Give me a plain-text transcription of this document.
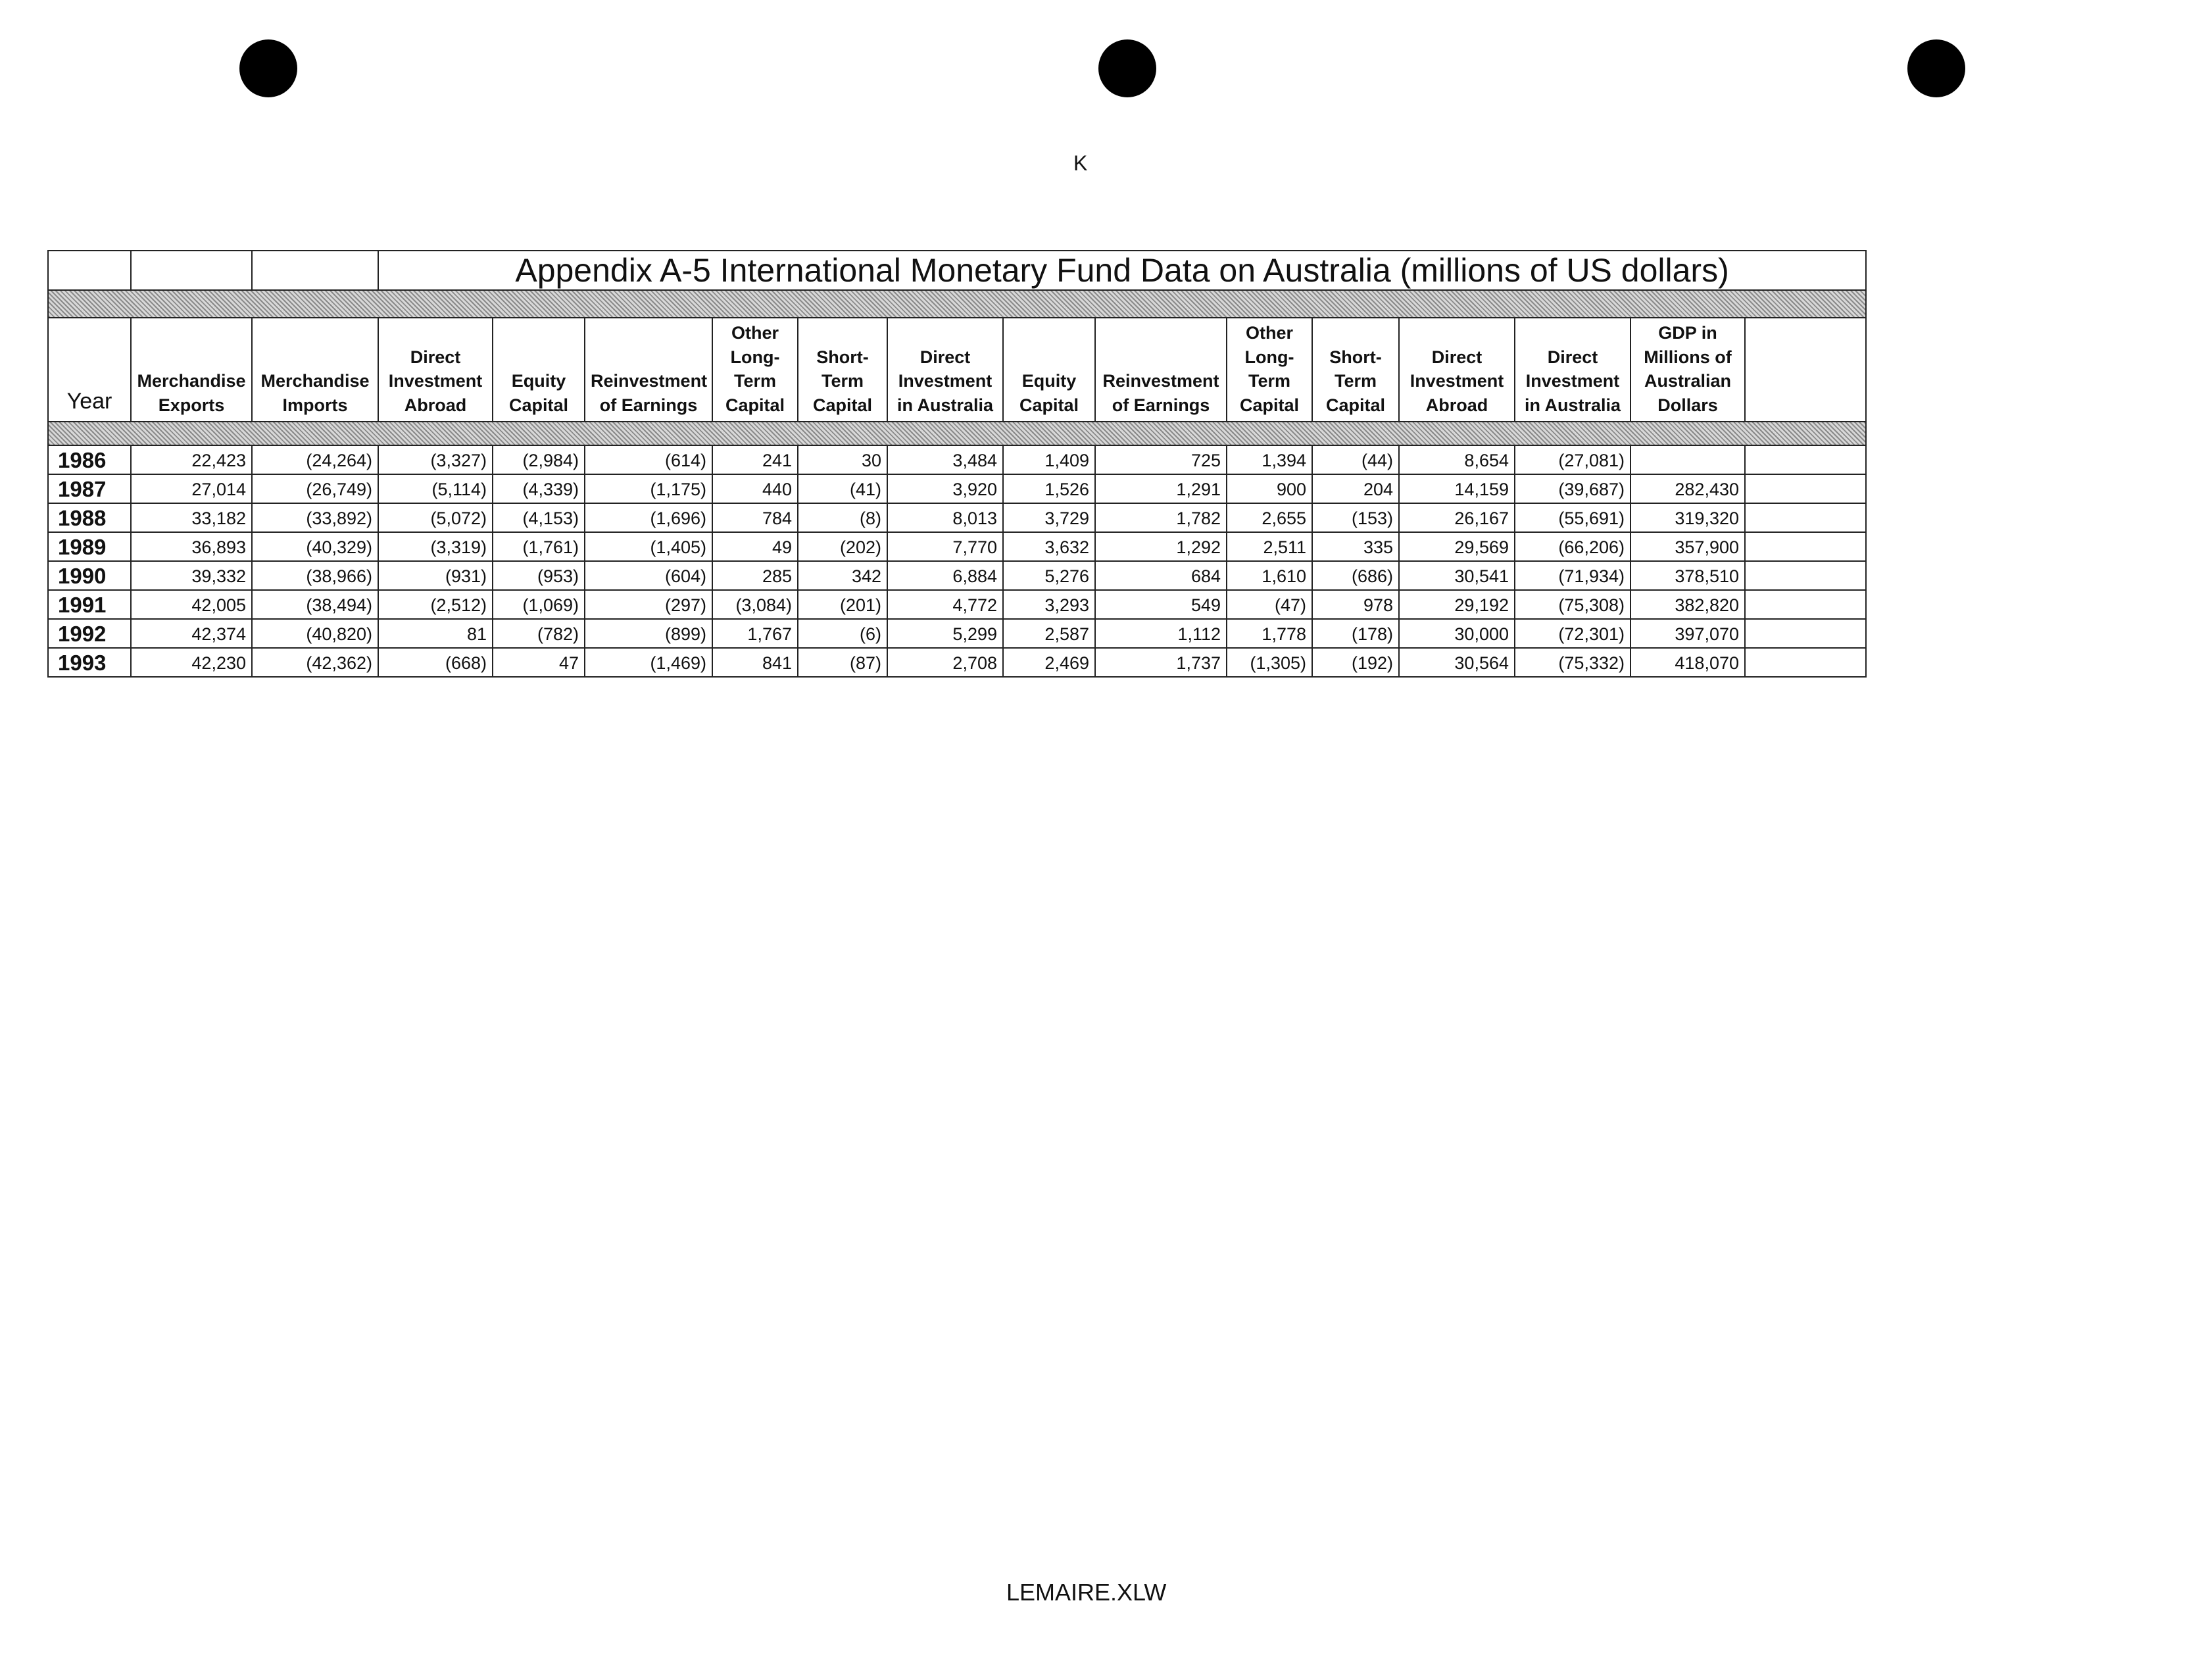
K
			Appendix A-5 International Monetary Fund Data on Australia (millions of US dollars)													

Year	Merchandise Exports	Merchandise Imports	Direct Investment Abroad	Equity Capital	Reinvestment of Earnings	Other Long-Term Capital	Short-Term Capital	Direct Investment in Australia	Equity Capital	Reinvestment of Earnings	Other Long-Term Capital	Short-Term Capital	Direct Investment Abroad	Direct Investment in Australia	GDP in Millions of Australian Dollars	

1986	22,423	(24,264)	(3,327)	(2,984)	(614)	241	30	3,484	1,409	725	1,394	(44)	8,654	(27,081)		
1987	27,014	(26,749)	(5,114)	(4,339)	(1,175)	440	(41)	3,920	1,526	1,291	900	204	14,159	(39,687)	282,430	
1988	33,182	(33,892)	(5,072)	(4,153)	(1,696)	784	(8)	8,013	3,729	1,782	2,655	(153)	26,167	(55,691)	319,320	
1989	36,893	(40,329)	(3,319)	(1,761)	(1,405)	49	(202)	7,770	3,632	1,292	2,511	335	29,569	(66,206)	357,900	
1990	39,332	(38,966)	(931)	(953)	(604)	285	342	6,884	5,276	684	1,610	(686)	30,541	(71,934)	378,510	
1991	42,005	(38,494)	(2,512)	(1,069)	(297)	(3,084)	(201)	4,772	3,293	549	(47)	978	29,192	(75,308)	382,820	
1992	42,374	(40,820)	81	(782)	(899)	1,767	(6)	5,299	2,587	1,112	1,778	(178)	30,000	(72,301)	397,070	
1993	42,230	(42,362)	(668)	47	(1,469)	841	(87)	2,708	2,469	1,737	(1,305)	(192)	30,564	(75,332)	418,070	
LEMAIRE.XLW
